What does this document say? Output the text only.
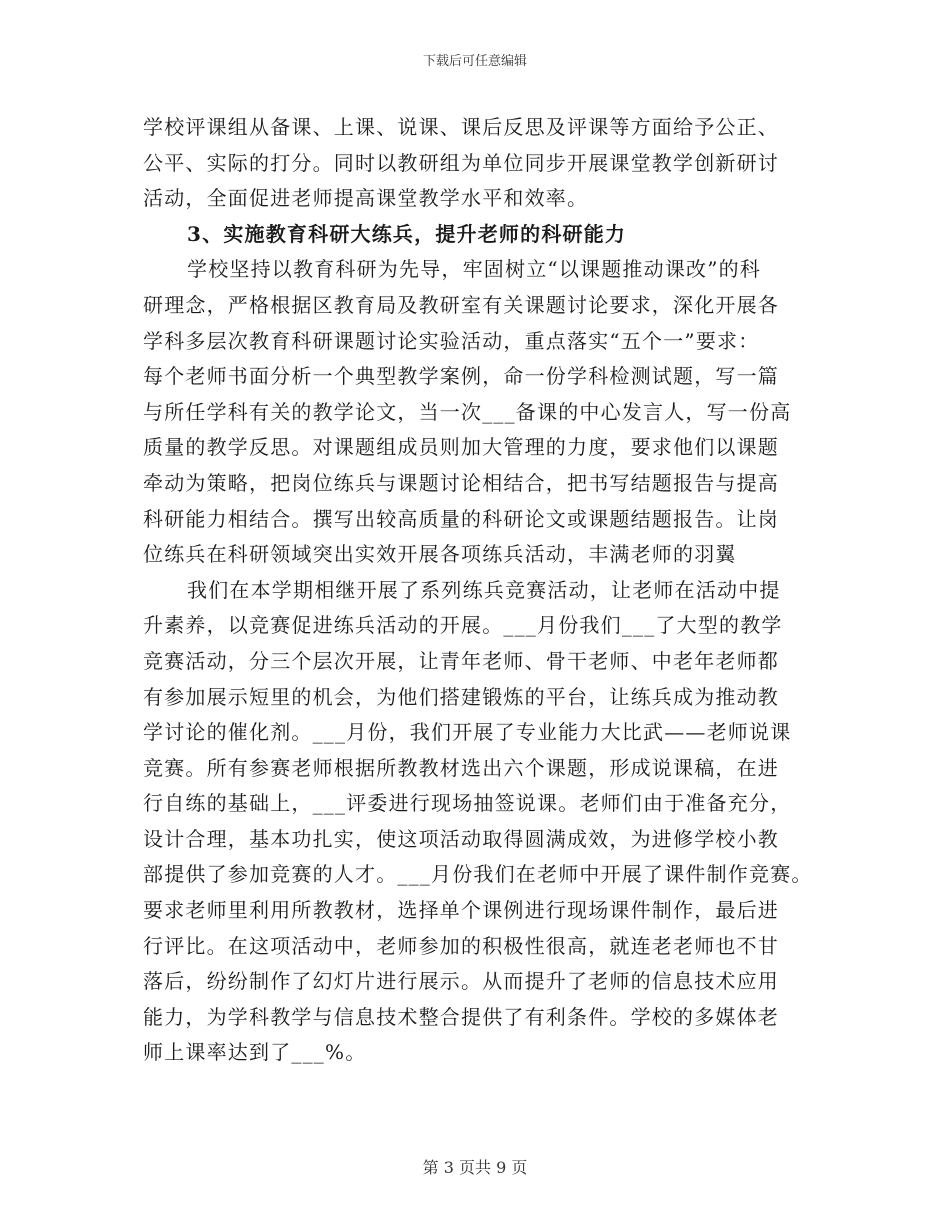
下载后可任意编辑
学校评课组从备课、上课、说课、课后反思及评课等方面给予公正、
公平、实际的打分。同时以教研组为单位同步开展课堂教学创新研讨
活动，全面促进老师提高课堂教学水平和效率。
3、实施教育科研大练兵，提升老师的科研能力
学校坚持以教育科研为先导，牢固树立“以课题推动课改”的科
研理念，严格根据区教育局及教研室有关课题讨论要求，深化开展各
学科多层次教育科研课题讨论实验活动，重点落实“五个一”要求：
每个老师书面分析一个典型教学案例，命一份学科检测试题，写一篇
与所任学科有关的教学论文，当一次___备课的中心发言人，写一份高
质量的教学反思。对课题组成员则加大管理的力度，要求他们以课题
牵动为策略，把岗位练兵与课题讨论相结合，把书写结题报告与提高
科研能力相结合。撰写出较高质量的科研论文或课题结题报告。让岗
位练兵在科研领域突出实效开展各项练兵活动，丰满老师的羽翼
我们在本学期相继开展了系列练兵竞赛活动，让老师在活动中提
升素养，以竞赛促进练兵活动的开展。___月份我们___了大型的教学
竞赛活动，分三个层次开展，让青年老师、骨干老师、中老年老师都
有参加展示短里的机会，为他们搭建锻炼的平台，让练兵成为推动教
学讨论的催化剂。___月份，我们开展了专业能力大比武——老师说课
竞赛。所有参赛老师根据所教教材选出六个课题，形成说课稿，在进
行自练的基础上，___评委进行现场抽签说课。老师们由于准备充分，
设计合理，基本功扎实，使这项活动取得圆满成效，为进修学校小教
部提供了参加竞赛的人才。___月份我们在老师中开展了课件制作竞赛。
要求老师里利用所教教材，选择单个课例进行现场课件制作，最后进
行评比。在这项活动中，老师参加的积极性很高，就连老老师也不甘
落后，纷纷制作了幻灯片进行展示。从而提升了老师的信息技术应用
能力，为学科教学与信息技术整合提供了有利条件。学校的多媒体老
师上课率达到了___%。
第 3 页共 9 页
